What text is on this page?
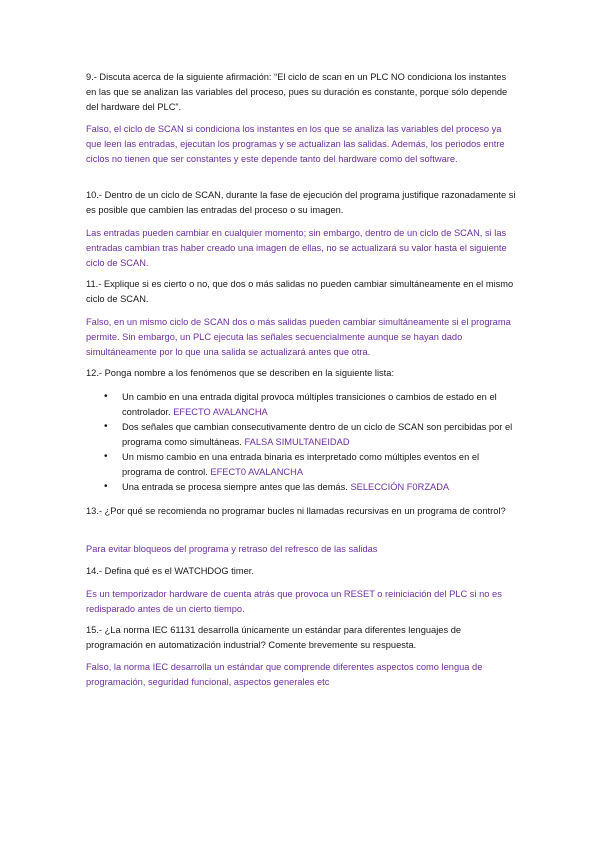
9.- Discuta acerca de la siguiente afirmación: “El ciclo de scan en un PLC NO condiciona los instantes en las que se analizan las variables del proceso, pues su duración es constante, porque sólo depende del hardware del PLC”.
Falso, el ciclo de SCAN si condiciona los instantes en los que se analiza las variables del proceso ya que leen las entradas, ejecutan los programas y se actualizan las salidas. Además, los periodos entre ciclos no tienen que ser constantes y este depende tanto del hardware como del software.
10.- Dentro de un ciclo de SCAN, durante la fase de ejecución del programa justifique razonadamente si es posible que cambien las entradas del proceso o su imagen.
Las entradas pueden cambiar en cualquier momento; sin embargo, dentro de un ciclo de SCAN, si las entradas cambian tras haber creado una imagen de ellas, no se actualizará su valor hasta el siguiente ciclo de SCAN.
11.- Explique si es cierto o no, que dos o más salidas no pueden cambiar simultáneamente en el mismo ciclo de SCAN.
Falso, en un mismo ciclo de SCAN dos o más salidas pueden cambiar simultáneamente si el programa permite. Sin embargo, un PLC ejecuta las señales secuencialmente aunque se hayan dado simultáneamente por lo que una salida se actualizará antes que otra.
12.- Ponga nombre a los fenómenos que se describen en la siguiente lista:
• Un cambio en una entrada digital provoca múltiples transiciones o cambios de estado en el controlador. EFECTO AVALANCHA
• Dos señales que cambian consecutivamente dentro de un ciclo de SCAN son percibidas por el programa como simultáneas. FALSA SIMULTANEIDAD
• Un mismo cambio en una entrada binaria es interpretado como múltiples eventos en el programa de control. EFECT0 AVALANCHA
• Una entrada se procesa siempre antes que las demás. SELECCIÓN F0RZADA
13.- ¿Por qué se recomienda no programar bucles ni llamadas recursivas en un programa de control?
Para evitar bloqueos del programa y retraso del refresco de las salidas
14.- Defina qué es el WATCHDOG timer.
Es un temporizador hardware de cuenta atrás que provoca un RESET o reiniciación del PLC si no es redisparado antes de un cierto tiempo.
15.- ¿La norma IEC 61131 desarrolla únicamente un estándar para diferentes lenguajes de programación en automatización industrial? Comente brevemente su respuesta.
Falso, la norma IEC desarrolla un estándar que comprende diferentes aspectos como lengua de programación, seguridad funcional, aspectos generales etc
